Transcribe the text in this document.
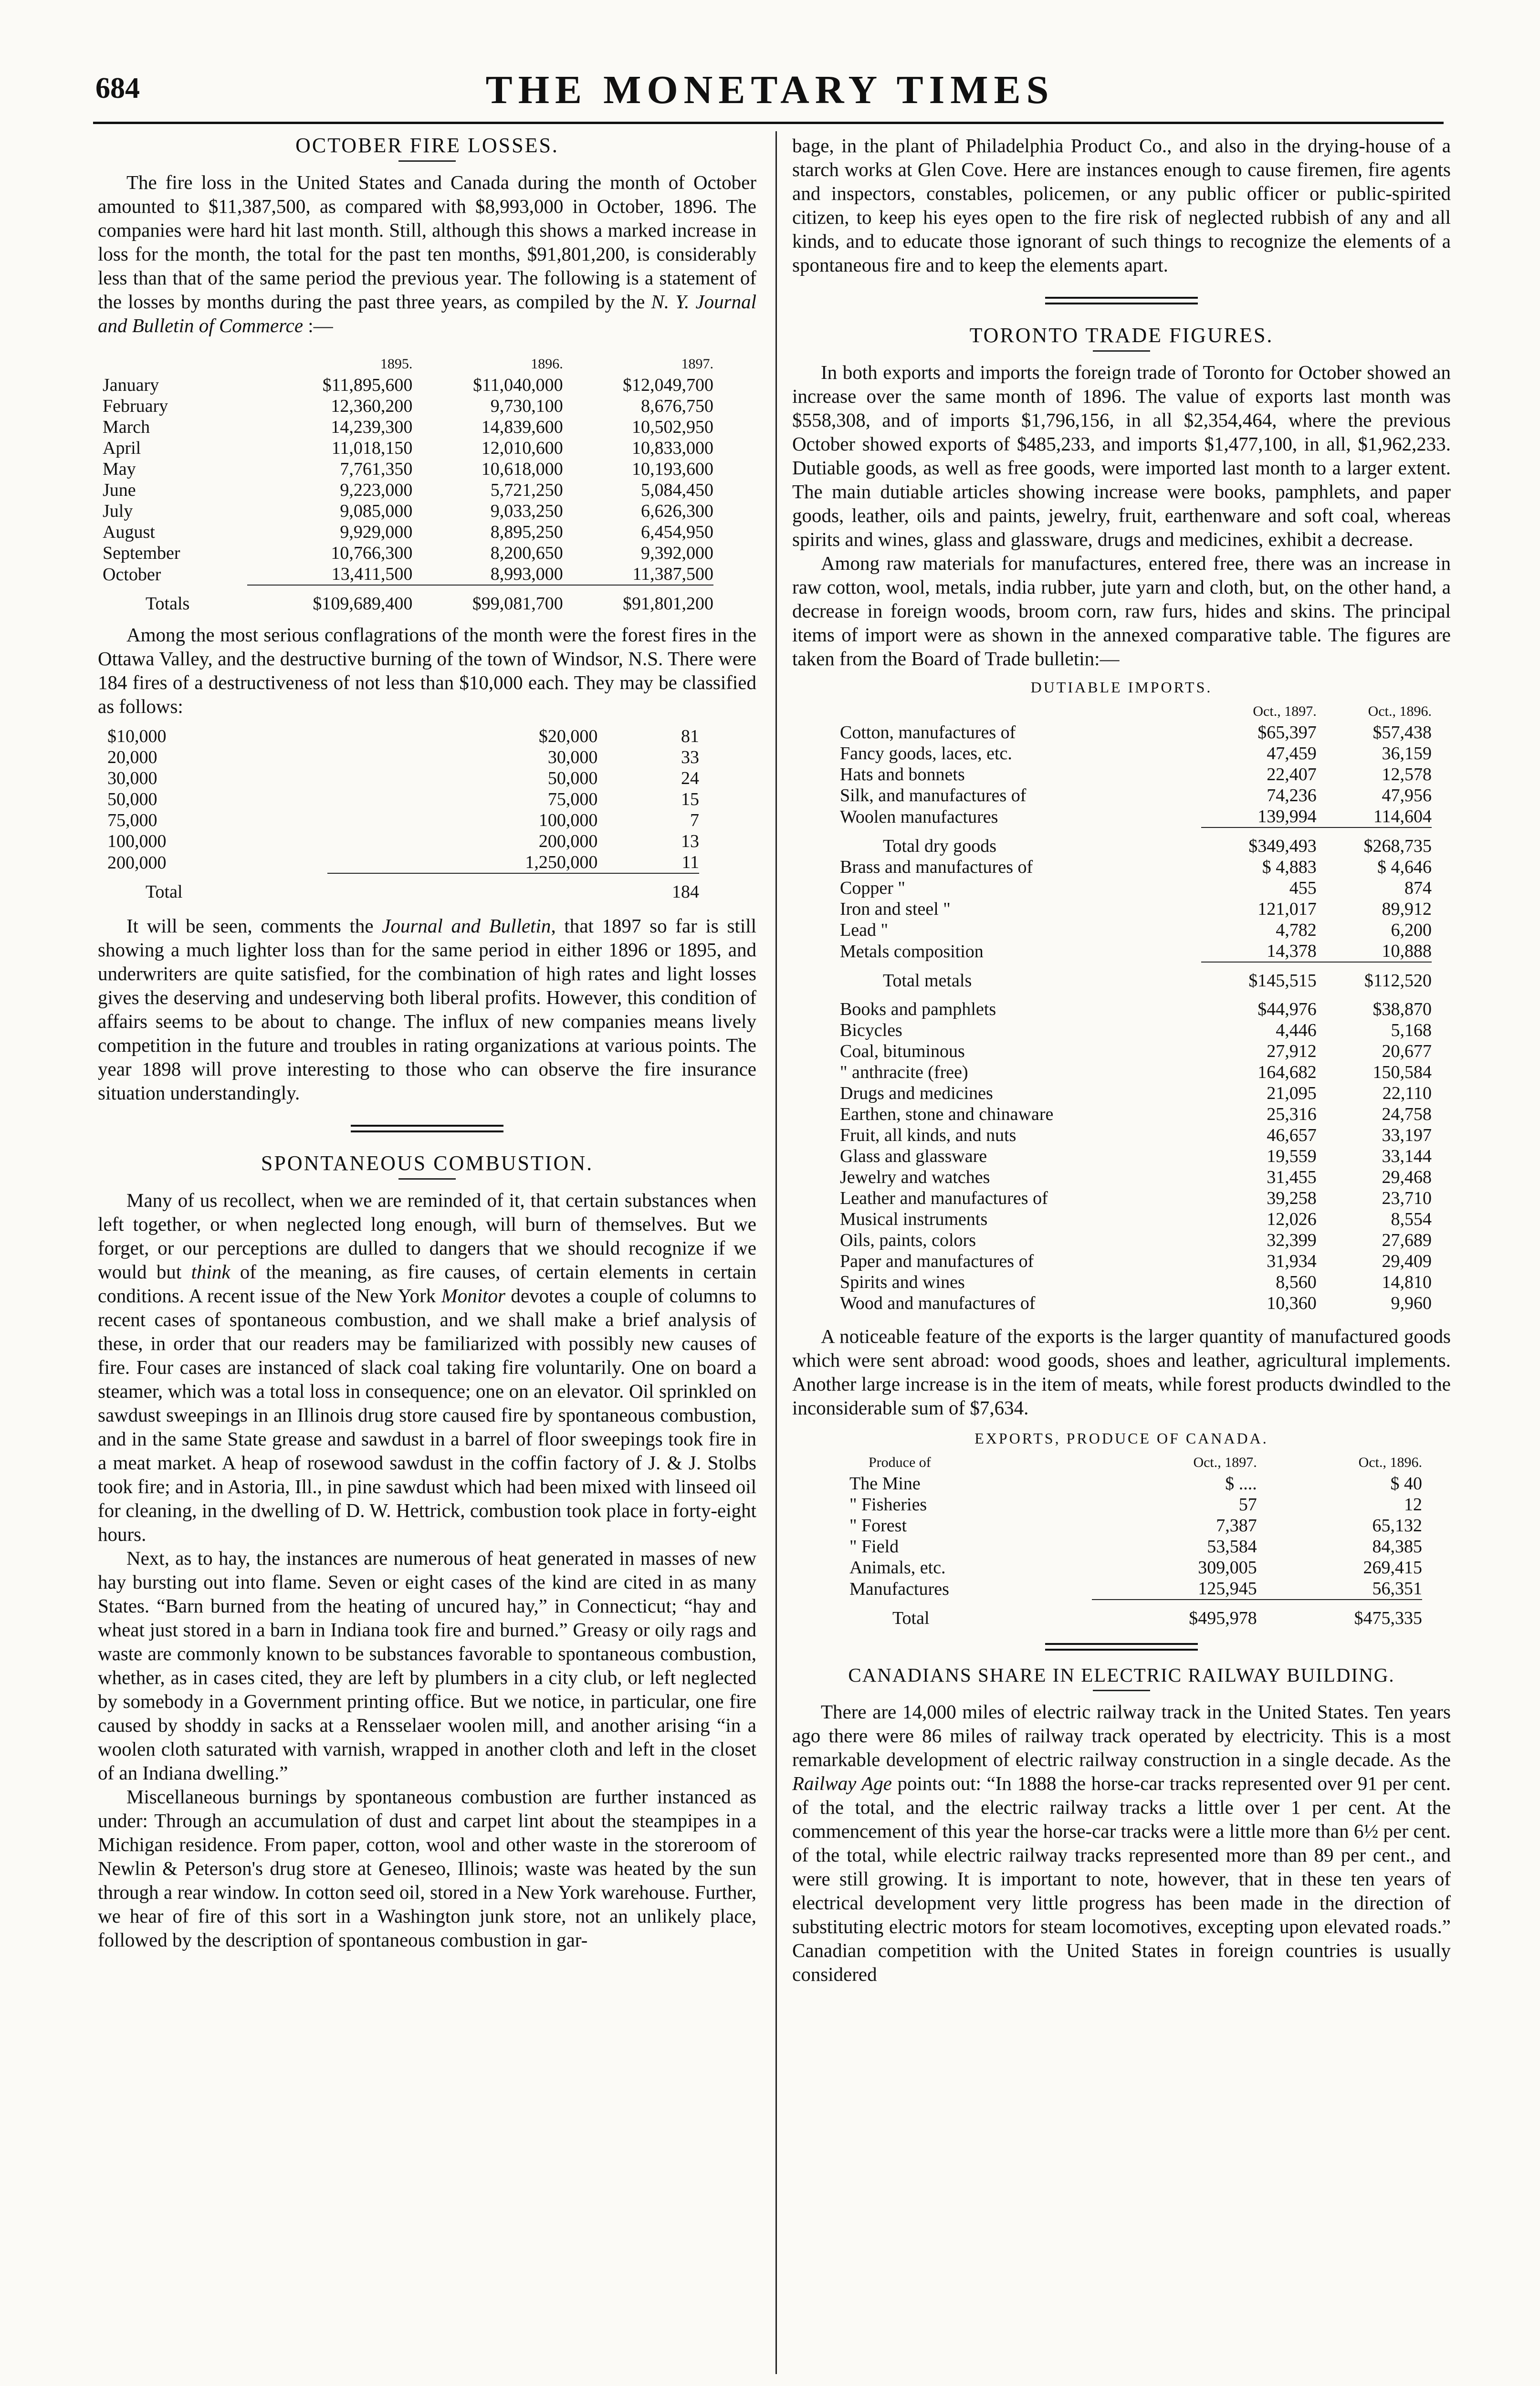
684	THE MONETARY TIMES
OCTOBER FIRE LOSSES.

The fire loss in the United States and Canada during the month of October amounted to $11,387,500, as compared with $8,993,000 in October, 1896. The companies were hard hit last month. Still, although this shows a marked increase in loss for the month, the total for the past ten months, $91,801,200, is considerably less than that of the same period the previous year. The following is a statement of the losses by months during the past three years, as compiled by the N. Y. Journal and Bulletin of Commerce :—

	1895.	1896.	1897.
January	$11,895,600	$11,040,000	$12,049,700
February	12,360,200	9,730,100	8,676,750
March	14,239,300	14,839,600	10,502,950
April	11,018,150	12,010,600	10,833,000
May	7,761,350	10,618,000	10,193,600
June	9,223,000	5,721,250	5,084,450
July	9,085,000	9,033,250	6,626,300
August	9,929,000	8,895,250	6,454,950
September	10,766,300	8,200,650	9,392,000
October	13,411,500	8,993,000	11,387,500
Totals	$109,689,400	$99,081,700	$91,801,200

Among the most serious conflagrations of the month were the forest fires in the Ottawa Valley, and the destructive burning of the town of Windsor, N.S. There were 184 fires of a destructiveness of not less than $10,000 each. They may be classified as follows:

$10,000	$20,000	81
20,000	30,000	33
30,000	50,000	24
50,000	75,000	15
75,000	100,000	7
100,000	200,000	13
200,000	1,250,000	11
Total		184

It will be seen, comments the Journal and Bulletin, that 1897 so far is still showing a much lighter loss than for the same period in either 1896 or 1895, and underwriters are quite satisfied, for the combination of high rates and light losses gives the deserving and undeserving both liberal profits. However, this condition of affairs seems to be about to change. The influx of new companies means lively competition in the future and troubles in rating organizations at various points. The year 1898 will prove interesting to those who can observe the fire insurance situation understandingly.

SPONTANEOUS COMBUSTION.

Many of us recollect, when we are reminded of it, that certain substances when left together, or when neglected long enough, will burn of themselves. But we forget, or our perceptions are dulled to dangers that we should recognize if we would but think of the meaning, as fire causes, of certain elements in certain conditions. A recent issue of the New York Monitor devotes a couple of columns to recent cases of spontaneous combustion, and we shall make a brief analysis of these, in order that our readers may be familiarized with possibly new causes of fire. Four cases are instanced of slack coal taking fire voluntarily. One on board a steamer, which was a total loss in consequence; one on an elevator. Oil sprinkled on sawdust sweepings in an Illinois drug store caused fire by spontaneous combustion, and in the same State grease and sawdust in a barrel of floor sweepings took fire in a meat market. A heap of rosewood sawdust in the coffin factory of J. & J. Stolbs took fire; and in Astoria, Ill., in pine sawdust which had been mixed with linseed oil for cleaning, in the dwelling of D. W. Hettrick, combustion took place in forty-eight hours.

Next, as to hay, the instances are numerous of heat generated in masses of new hay bursting out into flame. Seven or eight cases of the kind are cited in as many States. “Barn burned from the heating of uncured hay,” in Connecticut; “hay and wheat just stored in a barn in Indiana took fire and burned.” Greasy or oily rags and waste are commonly known to be substances favorable to spontaneous combustion, whether, as in cases cited, they are left by plumbers in a city club, or left neglected by somebody in a Government printing office. But we notice, in particular, one fire caused by shoddy in sacks at a Rensselaer woolen mill, and another arising “in a woolen cloth saturated with varnish, wrapped in another cloth and left in the closet of an Indiana dwelling.”

Miscellaneous burnings by spontaneous combustion are further instanced as under: Through an accumulation of dust and carpet lint about the steampipes in a Michigan residence. From paper, cotton, wool and other waste in the storeroom of Newlin & Peterson's drug store at Geneseo, Illinois; waste was heated by the sun through a rear window. In cotton seed oil, stored in a New York warehouse. Further, we hear of fire of this sort in a Washington junk store, not an unlikely place, followed by the description of spontaneous combustion in gar-

bage, in the plant of Philadelphia Product Co., and also in the drying-house of a starch works at Glen Cove. Here are instances enough to cause firemen, fire agents and inspectors, constables, policemen, or any public officer or public-spirited citizen, to keep his eyes open to the fire risk of neglected rubbish of any and all kinds, and to educate those ignorant of such things to recognize the elements of a spontaneous fire and to keep the elements apart.

TORONTO TRADE FIGURES.

In both exports and imports the foreign trade of Toronto for October showed an increase over the same month of 1896. The value of exports last month was $558,308, and of imports $1,796,156, in all $2,354,464, where the previous October showed exports of $485,233, and imports $1,477,100, in all, $1,962,233. Dutiable goods, as well as free goods, were imported last month to a larger extent. The main dutiable articles showing increase were books, pamphlets, and paper goods, leather, oils and paints, jewelry, fruit, earthenware and soft coal, whereas spirits and wines, glass and glassware, drugs and medicines, exhibit a decrease.

Among raw materials for manufactures, entered free, there was an increase in raw cotton, wool, metals, india rubber, jute yarn and cloth, but, on the other hand, a decrease in foreign woods, broom corn, raw furs, hides and skins. The principal items of import were as shown in the annexed comparative table. The figures are taken from the Board of Trade bulletin:—

DUTIABLE IMPORTS.
	Oct., 1897.	Oct., 1896.
Cotton, manufactures of	$65,397	$57,438
Fancy goods, laces, etc.	47,459	36,159
Hats and bonnets	22,407	12,578
Silk, and manufactures of	74,236	47,956
Woolen manufactures	139,994	114,604
Total dry goods	$349,493	$268,735
Brass and manufactures of	$ 4,883	$ 4,646
Copper "	455	874
Iron and steel "	121,017	89,912
Lead "	4,782	6,200
Metals composition	14,378	10,888
Total metals	$145,515	$112,520

Books and pamphlets	$44,976	$38,870
Bicycles	4,446	5,168
Coal, bituminous	27,912	20,677
" anthracite (free)	164,682	150,584
Drugs and medicines	21,095	22,110
Earthen, stone and chinaware	25,316	24,758
Fruit, all kinds, and nuts	46,657	33,197
Glass and glassware	19,559	33,144
Jewelry and watches	31,455	29,468
Leather and manufactures of	39,258	23,710
Musical instruments	12,026	8,554
Oils, paints, colors	32,399	27,689
Paper and manufactures of	31,934	29,409
Spirits and wines	8,560	14,810
Wood and manufactures of	10,360	9,960

A noticeable feature of the exports is the larger quantity of manufactured goods which were sent abroad: wood goods, shoes and leather, agricultural implements. Another large increase is in the item of meats, while forest products dwindled to the inconsiderable sum of $7,634.

EXPORTS, PRODUCE OF CANADA.
Produce of	Oct., 1897.	Oct., 1896.
The Mine	$ ....	$ 40
" Fisheries	57	12
" Forest	7,387	65,132
" Field	53,584	84,385
Animals, etc.	309,005	269,415
Manufactures	125,945	56,351
Total	$495,978	$475,335
CANADIANS SHARE IN ELECTRIC RAILWAY BUILDING.

There are 14,000 miles of electric railway track in the United States. Ten years ago there were 86 miles of railway track operated by electricity. This is a most remarkable development of electric railway construction in a single decade. As the Railway Age points out: “In 1888 the horse-car tracks represented over 91 per cent. of the total, and the electric railway tracks a little over 1 per cent. At the commencement of this year the horse-car tracks were a little more than 6½ per cent. of the total, while electric railway tracks represented more than 89 per cent., and were still growing. It is important to note, however, that in these ten years of electrical development very little progress has been made in the direction of substituting electric motors for steam locomotives, excepting upon elevated roads.” Canadian competition with the United States in foreign countries is usually considered
